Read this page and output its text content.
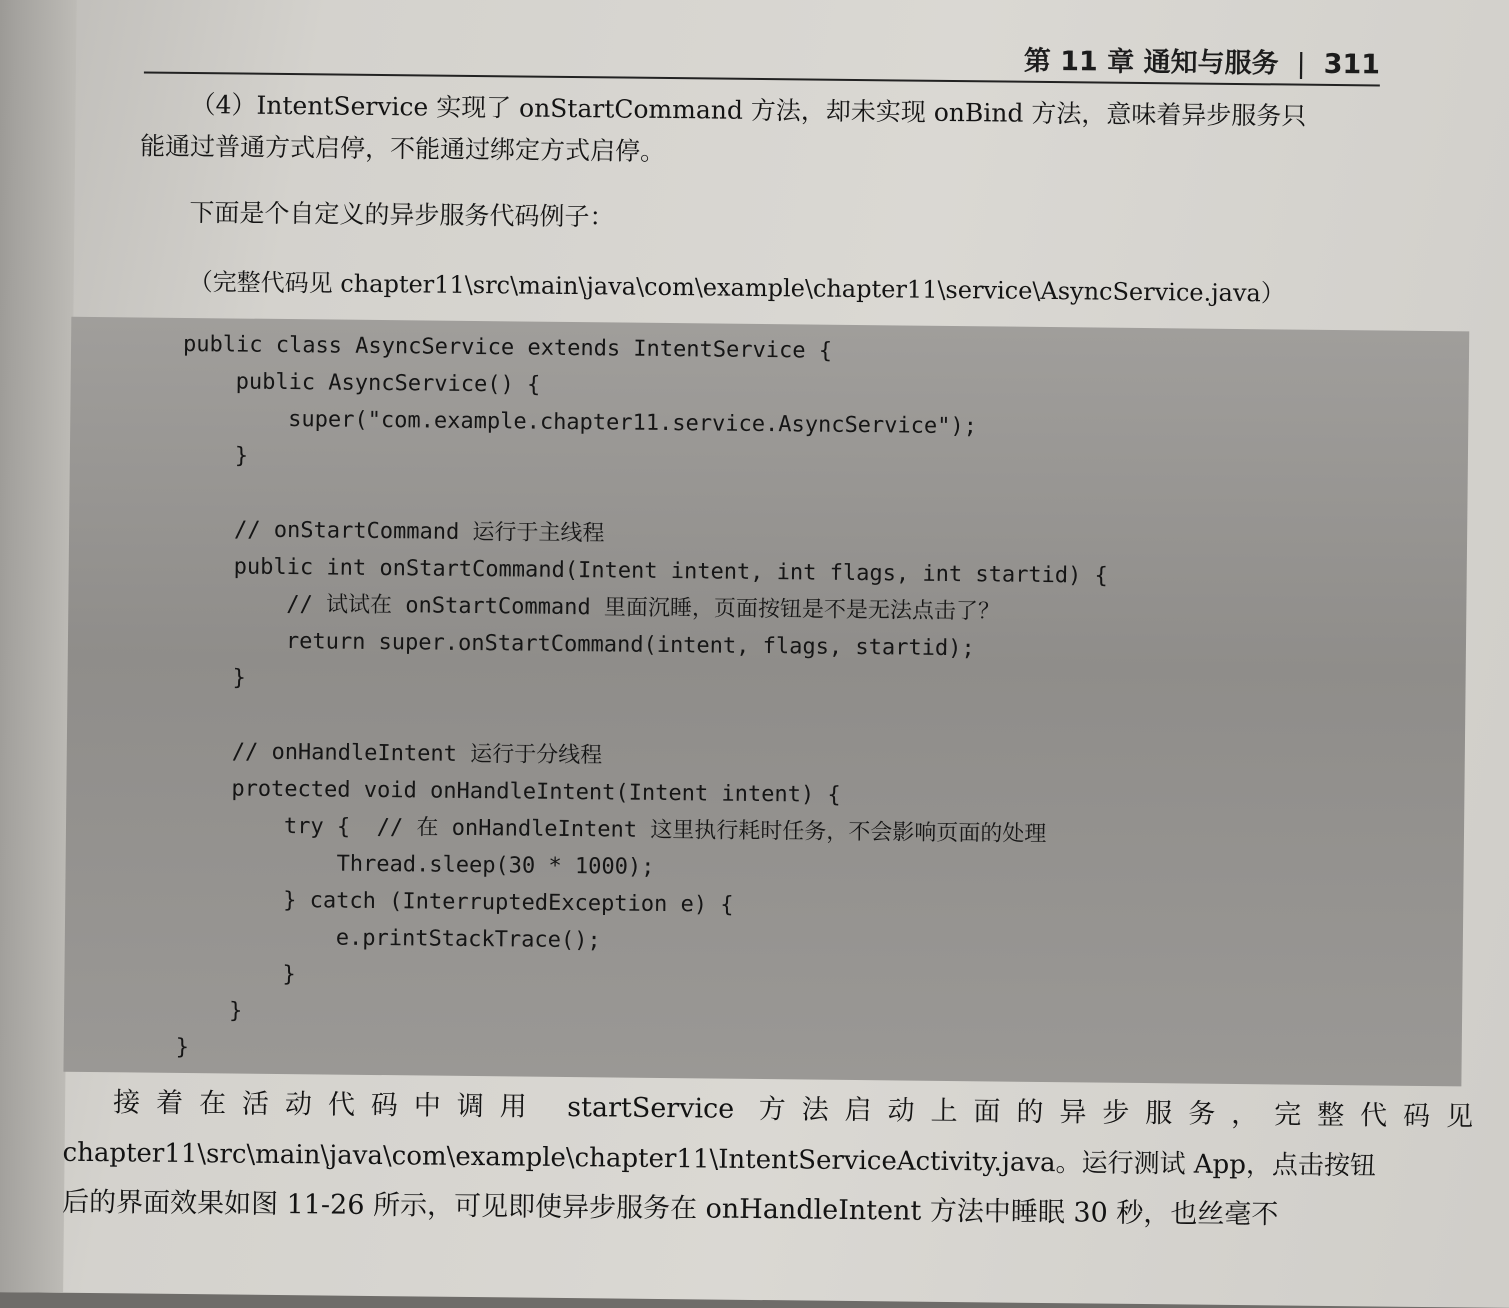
第 11 章 通知与服务 | 311
（4）IntentService 实现了 onStartCommand 方法，却未实现 onBind 方法，意味着异步服务只
能通过普通方式启停，不能通过绑定方式启停。
下面是个自定义的异步服务代码例子：
（完整代码见 chapter11\src\main\java\com\example\chapter11\service\AsyncService.java）
public class AsyncService extends IntentService {
public AsyncService() {
super("com.example.chapter11.service.AsyncService");
}
// onStartCommand 运行于主线程
public int onStartCommand(Intent intent, int flags, int startid) {
// 试试在 onStartCommand 里面沉睡，页面按钮是不是无法点击了？
return super.onStartCommand(intent, flags, startid);
}
// onHandleIntent 运行于分线程
protected void onHandleIntent(Intent intent) {
try {  // 在 onHandleIntent 这里执行耗时任务，不会影响页面的处理
Thread.sleep(30 * 1000);
} catch (InterruptedException e) {
e.printStackTrace();
}
}
}
接着在活动代码中调用 startService 方法启动上面的异步服务，完整代码见
chapter11\src\main\java\com\example\chapter11\IntentServiceActivity.java。运行测试 App，点击按钮
后的界面效果如图 11-26 所示，可见即使异步服务在 onHandleIntent 方法中睡眠 30 秒，也丝毫不
